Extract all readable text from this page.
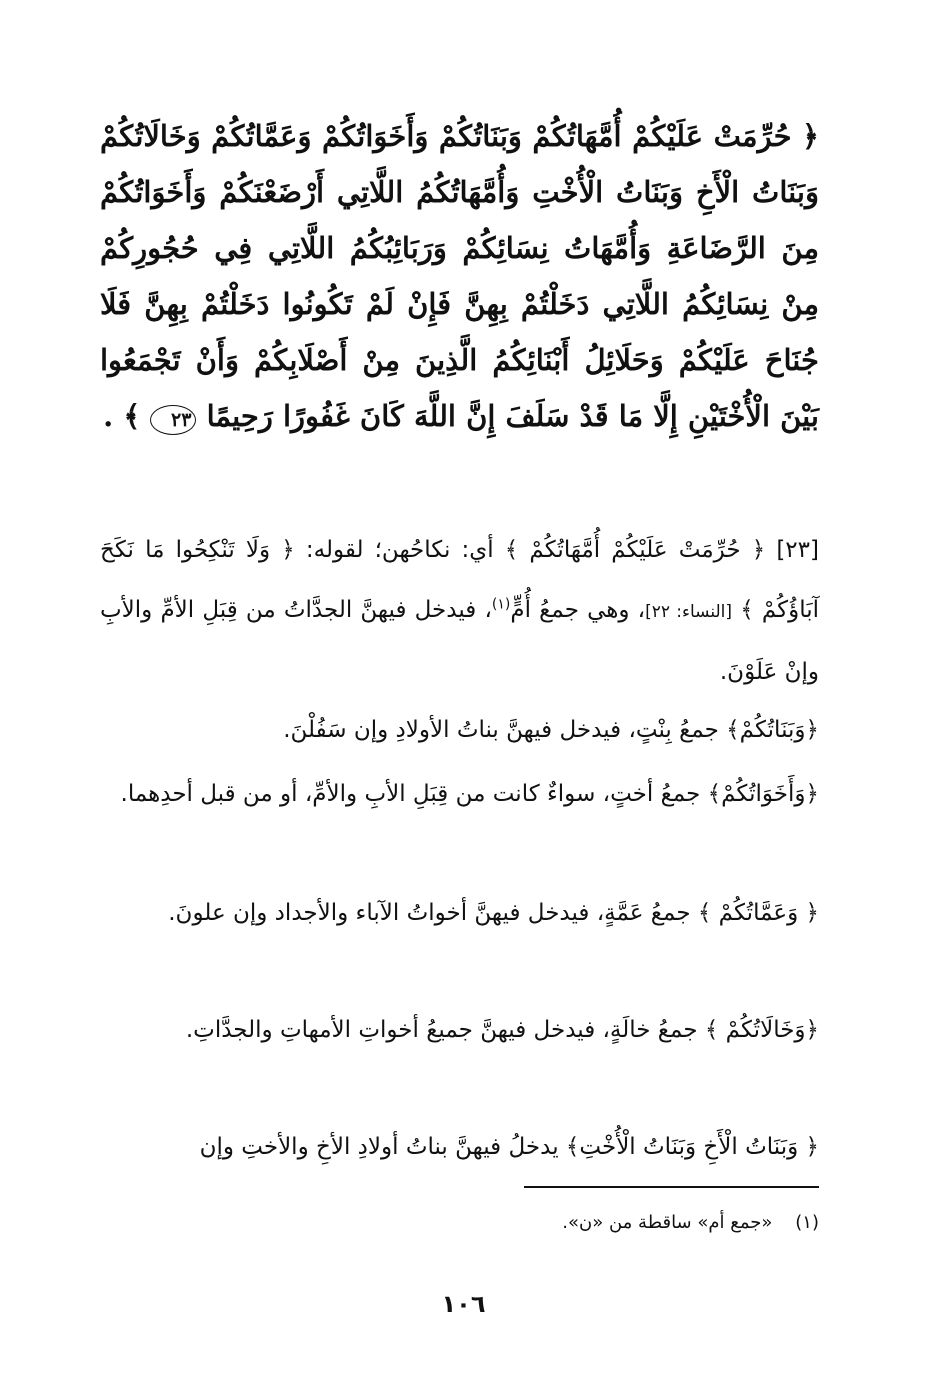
﴿ حُرِّمَتْ عَلَيْكُمْ أُمَّهَاتُكُمْ وَبَنَاتُكُمْ وَأَخَوَاتُكُمْ وَعَمَّاتُكُمْ وَخَالَاتُكُمْ وَبَنَاتُ الْأَخِ وَبَنَاتُ الْأُخْتِ وَأُمَّهَاتُكُمُ اللَّاتِي أَرْضَعْنَكُمْ وَأَخَوَاتُكُمْ مِنَ الرَّضَاعَةِ وَأُمَّهَاتُ نِسَائِكُمْ وَرَبَائِبُكُمُ اللَّاتِي فِي حُجُورِكُمْ مِنْ نِسَائِكُمُ اللَّاتِي دَخَلْتُمْ بِهِنَّ فَإِنْ لَمْ تَكُونُوا دَخَلْتُمْ بِهِنَّ فَلَا جُنَاحَ عَلَيْكُمْ وَحَلَائِلُ أَبْنَائِكُمُ الَّذِينَ مِنْ أَصْلَابِكُمْ وَأَنْ تَجْمَعُوا بَيْنَ الْأُخْتَيْنِ إِلَّا مَا قَدْ سَلَفَ إِنَّ اللَّهَ كَانَ غَفُورًا رَحِيمًا ٢٣ ﴾ .
[٢٣] ﴿ حُرِّمَتْ عَلَيْكُمْ أُمَّهَاتُكُمْ ﴾ أي: نكاحُهن؛ لقوله: ﴿ وَلَا تَنْكِحُوا مَا نَكَحَ آبَاؤُكُمْ ﴾ [النساء: ٢٢]، وهي جمعُ أُمٍّ$^{(١)}$، فيدخل فيهنَّ الجدَّاتُ من قِبَلِ الأمِّ والأبِ وإنْ عَلَوْنَ.
﴿وَبَنَاتُكُمْ﴾ جمعُ بِنْتٍ، فيدخل فيهنَّ بناتُ الأولادِ وإن سَفُلْنَ.
﴿وَأَخَوَاتُكُمْ﴾ جمعُ أختٍ، سواءٌ كانت من قِبَلِ الأبِ والأمِّ، أو من قبل أحدِهما.
﴿ وَعَمَّاتُكُمْ ﴾ جمعُ عَمَّةٍ، فيدخل فيهنَّ أخواتُ الآباء والأجداد وإن علونَ.
﴿وَخَالَاتُكُمْ ﴾ جمعُ خالَةٍ، فيدخل فيهنَّ جميعُ أخواتِ الأمهاتِ والجدَّاتِ.
﴿ وَبَنَاتُ الْأَخِ وَبَنَاتُ الْأُخْتِ﴾ يدخلُ فيهنَّ بناتُ أولادِ الأخِ والأختِ وإن
(١)    «جمع أم» ساقطة من «ن».
١٠٦
